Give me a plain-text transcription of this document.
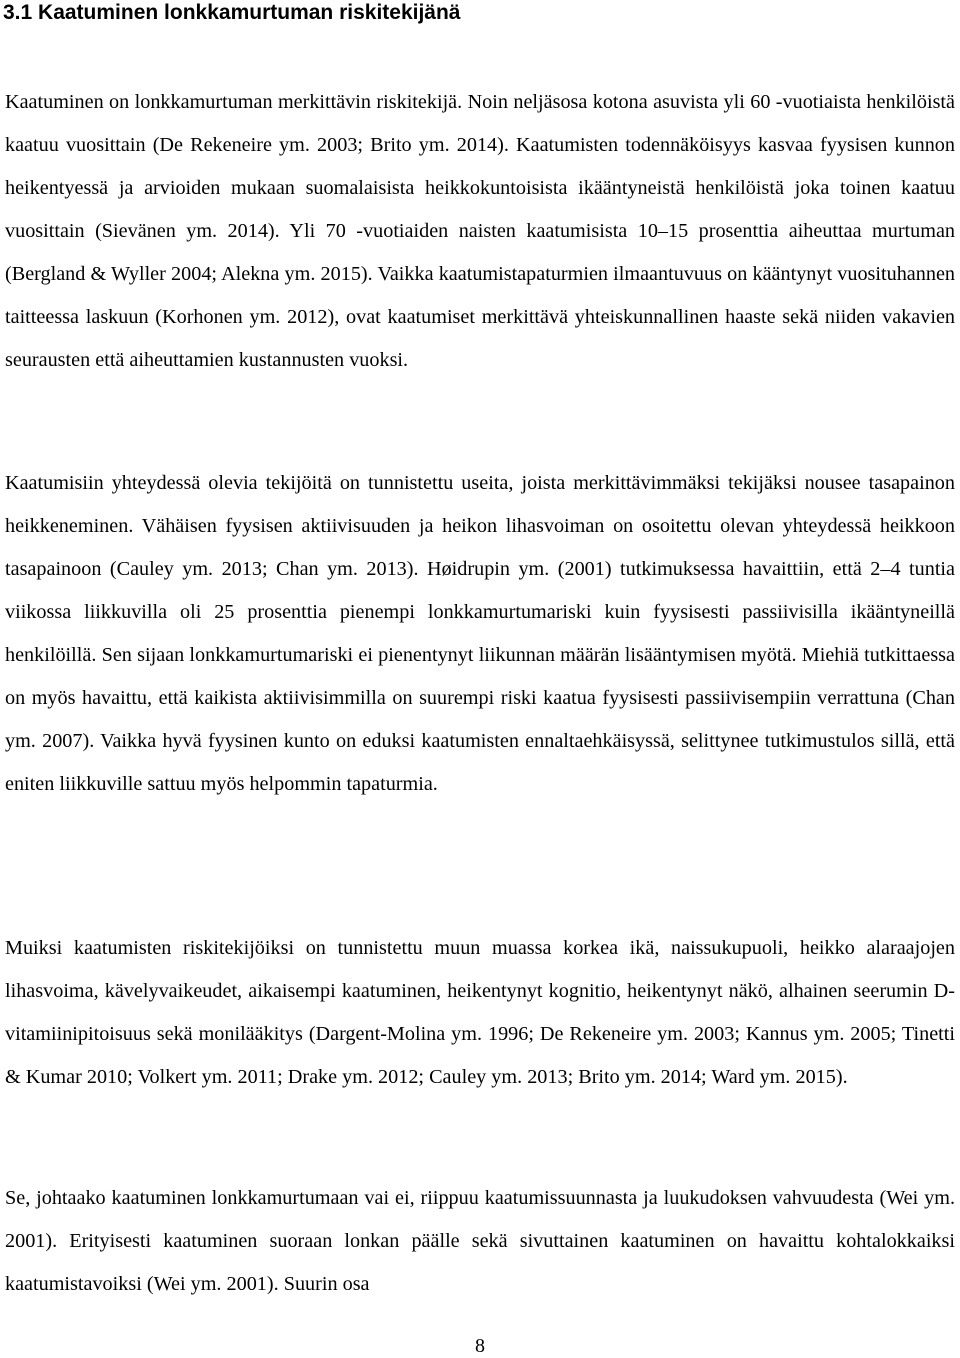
3.1 Kaatuminen lonkkamurtuman riskitekijänä

Kaatuminen on lonkkamurtuman merkittävin riskitekijä. Noin neljäsosa kotona asuvista yli 60 -vuotiaista henkilöistä kaatuu vuosittain (De Rekeneire ym. 2003; Brito ym. 2014). Kaatumisten todennäköisyys kasvaa fyysisen kunnon heikentyessä ja arvioiden mukaan suomalaisista heikkokuntoisista ikääntyneistä henkilöistä joka toinen kaatuu vuosittain (Sievänen ym. 2014). Yli 70 -vuotiaiden naisten kaatumisista 10–15 prosenttia aiheuttaa murtuman (Bergland & Wyller 2004; Alekna ym. 2015). Vaikka kaatumistapaturmien ilmaantuvuus on kääntynyt vuosituhannen taitteessa laskuun (Korhonen ym. 2012), ovat kaatumiset merkittävä yhteiskunnallinen haaste sekä niiden vakavien seurausten että aiheuttamien kustannusten vuoksi.

Kaatumisiin yhteydessä olevia tekijöitä on tunnistettu useita, joista merkittävimmäksi tekijäksi nousee tasapainon heikkeneminen. Vähäisen fyysisen aktiivisuuden ja heikon lihasvoiman on osoitettu olevan yhteydessä heikkoon tasapainoon (Cauley ym. 2013; Chan ym. 2013). Høidrupin ym. (2001) tutkimuksessa havaittiin, että 2–4 tuntia viikossa liikkuvilla oli 25 prosenttia pienempi lonkkamurtumariski kuin fyysisesti passiivisilla ikääntyneillä henkilöillä. Sen sijaan lonkkamurtumariski ei pienentynyt liikunnan määrän lisääntymisen myötä. Miehiä tutkittaessa on myös havaittu, että kaikista aktiivisimmilla on suurempi riski kaatua fyysisesti passiivisempiin verrattuna (Chan ym. 2007). Vaikka hyvä fyysinen kunto on eduksi kaatumisten ennaltaehkäisyssä, selittynee tutkimustulos sillä, että eniten liikkuville sattuu myös helpommin tapaturmia.

Muiksi kaatumisten riskitekijöiksi on tunnistettu muun muassa korkea ikä, naissukupuoli, heikko alaraajojen lihasvoima, kävelyvaikeudet, aikaisempi kaatuminen, heikentynyt kognitio, heikentynyt näkö, alhainen seerumin D-vitamiinipitoisuus sekä monilääkitys (Dargent-Molina ym. 1996; De Rekeneire ym. 2003; Kannus ym. 2005; Tinetti & Kumar 2010; Volkert ym. 2011; Drake ym. 2012; Cauley ym. 2013; Brito ym. 2014; Ward ym. 2015).

Se, johtaako kaatuminen lonkkamurtumaan vai ei, riippuu kaatumissuunnasta ja luukudoksen vahvuudesta (Wei ym. 2001). Erityisesti kaatuminen suoraan lonkan päälle sekä sivuttainen kaatuminen on havaittu kohtalokkaiksi kaatumistavoiksi (Wei ym. 2001). Suurin osa

8
